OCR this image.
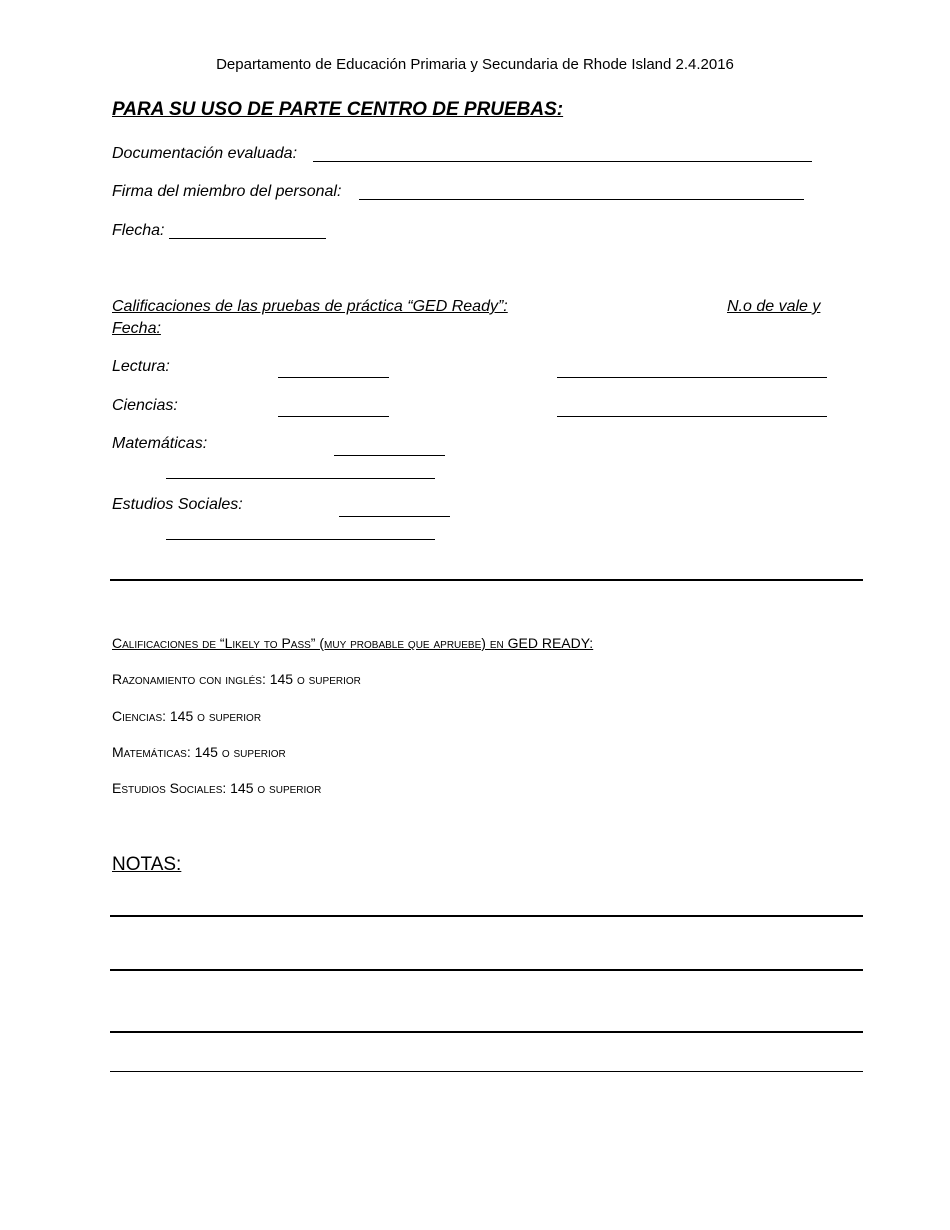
Departamento de Educación Primaria y Secundaria de Rhode Island 2.4.2016
PARA SU USO DE PARTE CENTRO DE PRUEBAS:
Documentación evaluada:
Firma del miembro del personal:
Flecha:
Calificaciones de las pruebas de práctica “GED Ready”:	N.o de vale y
Fecha:
Lectura:
Ciencias:
Matemáticas:
Estudios Sociales:
Calificaciones de “Likely to Pass” (muy probable que apruebe) en GED READY:
Razonamiento con inglés: 145 o superior
Ciencias: 145 o superior
Matemáticas: 145 o superior
Estudios Sociales: 145 o superior
NOTAS:
